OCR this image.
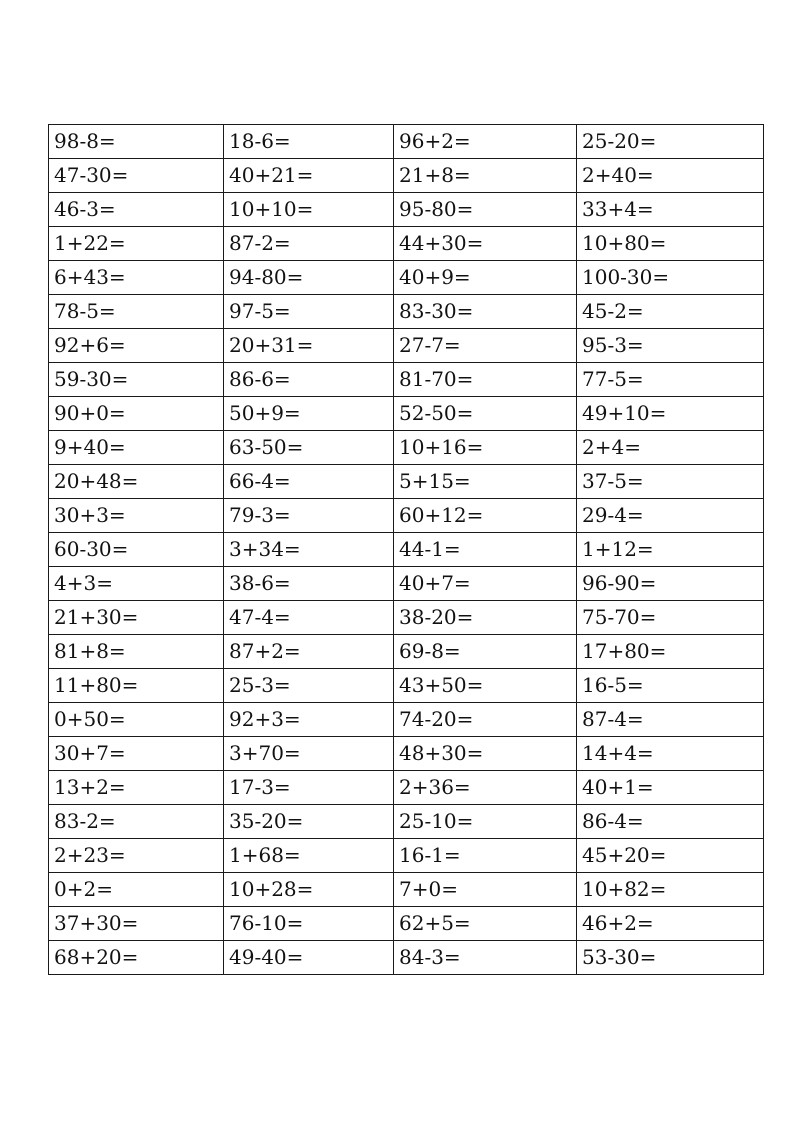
98-8=	18-6=	96+2=	25-20=
47-30=	40+21=	21+8=	2+40=
46-3=	10+10=	95-80=	33+4=
1+22=	87-2=	44+30=	10+80=
6+43=	94-80=	40+9=	100-30=
78-5=	97-5=	83-30=	45-2=
92+6=	20+31=	27-7=	95-3=
59-30=	86-6=	81-70=	77-5=
90+0=	50+9=	52-50=	49+10=
9+40=	63-50=	10+16=	2+4=
20+48=	66-4=	5+15=	37-5=
30+3=	79-3=	60+12=	29-4=
60-30=	3+34=	44-1=	1+12=
4+3=	38-6=	40+7=	96-90=
21+30=	47-4=	38-20=	75-70=
81+8=	87+2=	69-8=	17+80=
11+80=	25-3=	43+50=	16-5=
0+50=	92+3=	74-20=	87-4=
30+7=	3+70=	48+30=	14+4=
13+2=	17-3=	2+36=	40+1=
83-2=	35-20=	25-10=	86-4=
2+23=	1+68=	16-1=	45+20=
0+2=	10+28=	7+0=	10+82=
37+30=	76-10=	62+5=	46+2=
68+20=	49-40=	84-3=	53-30=
